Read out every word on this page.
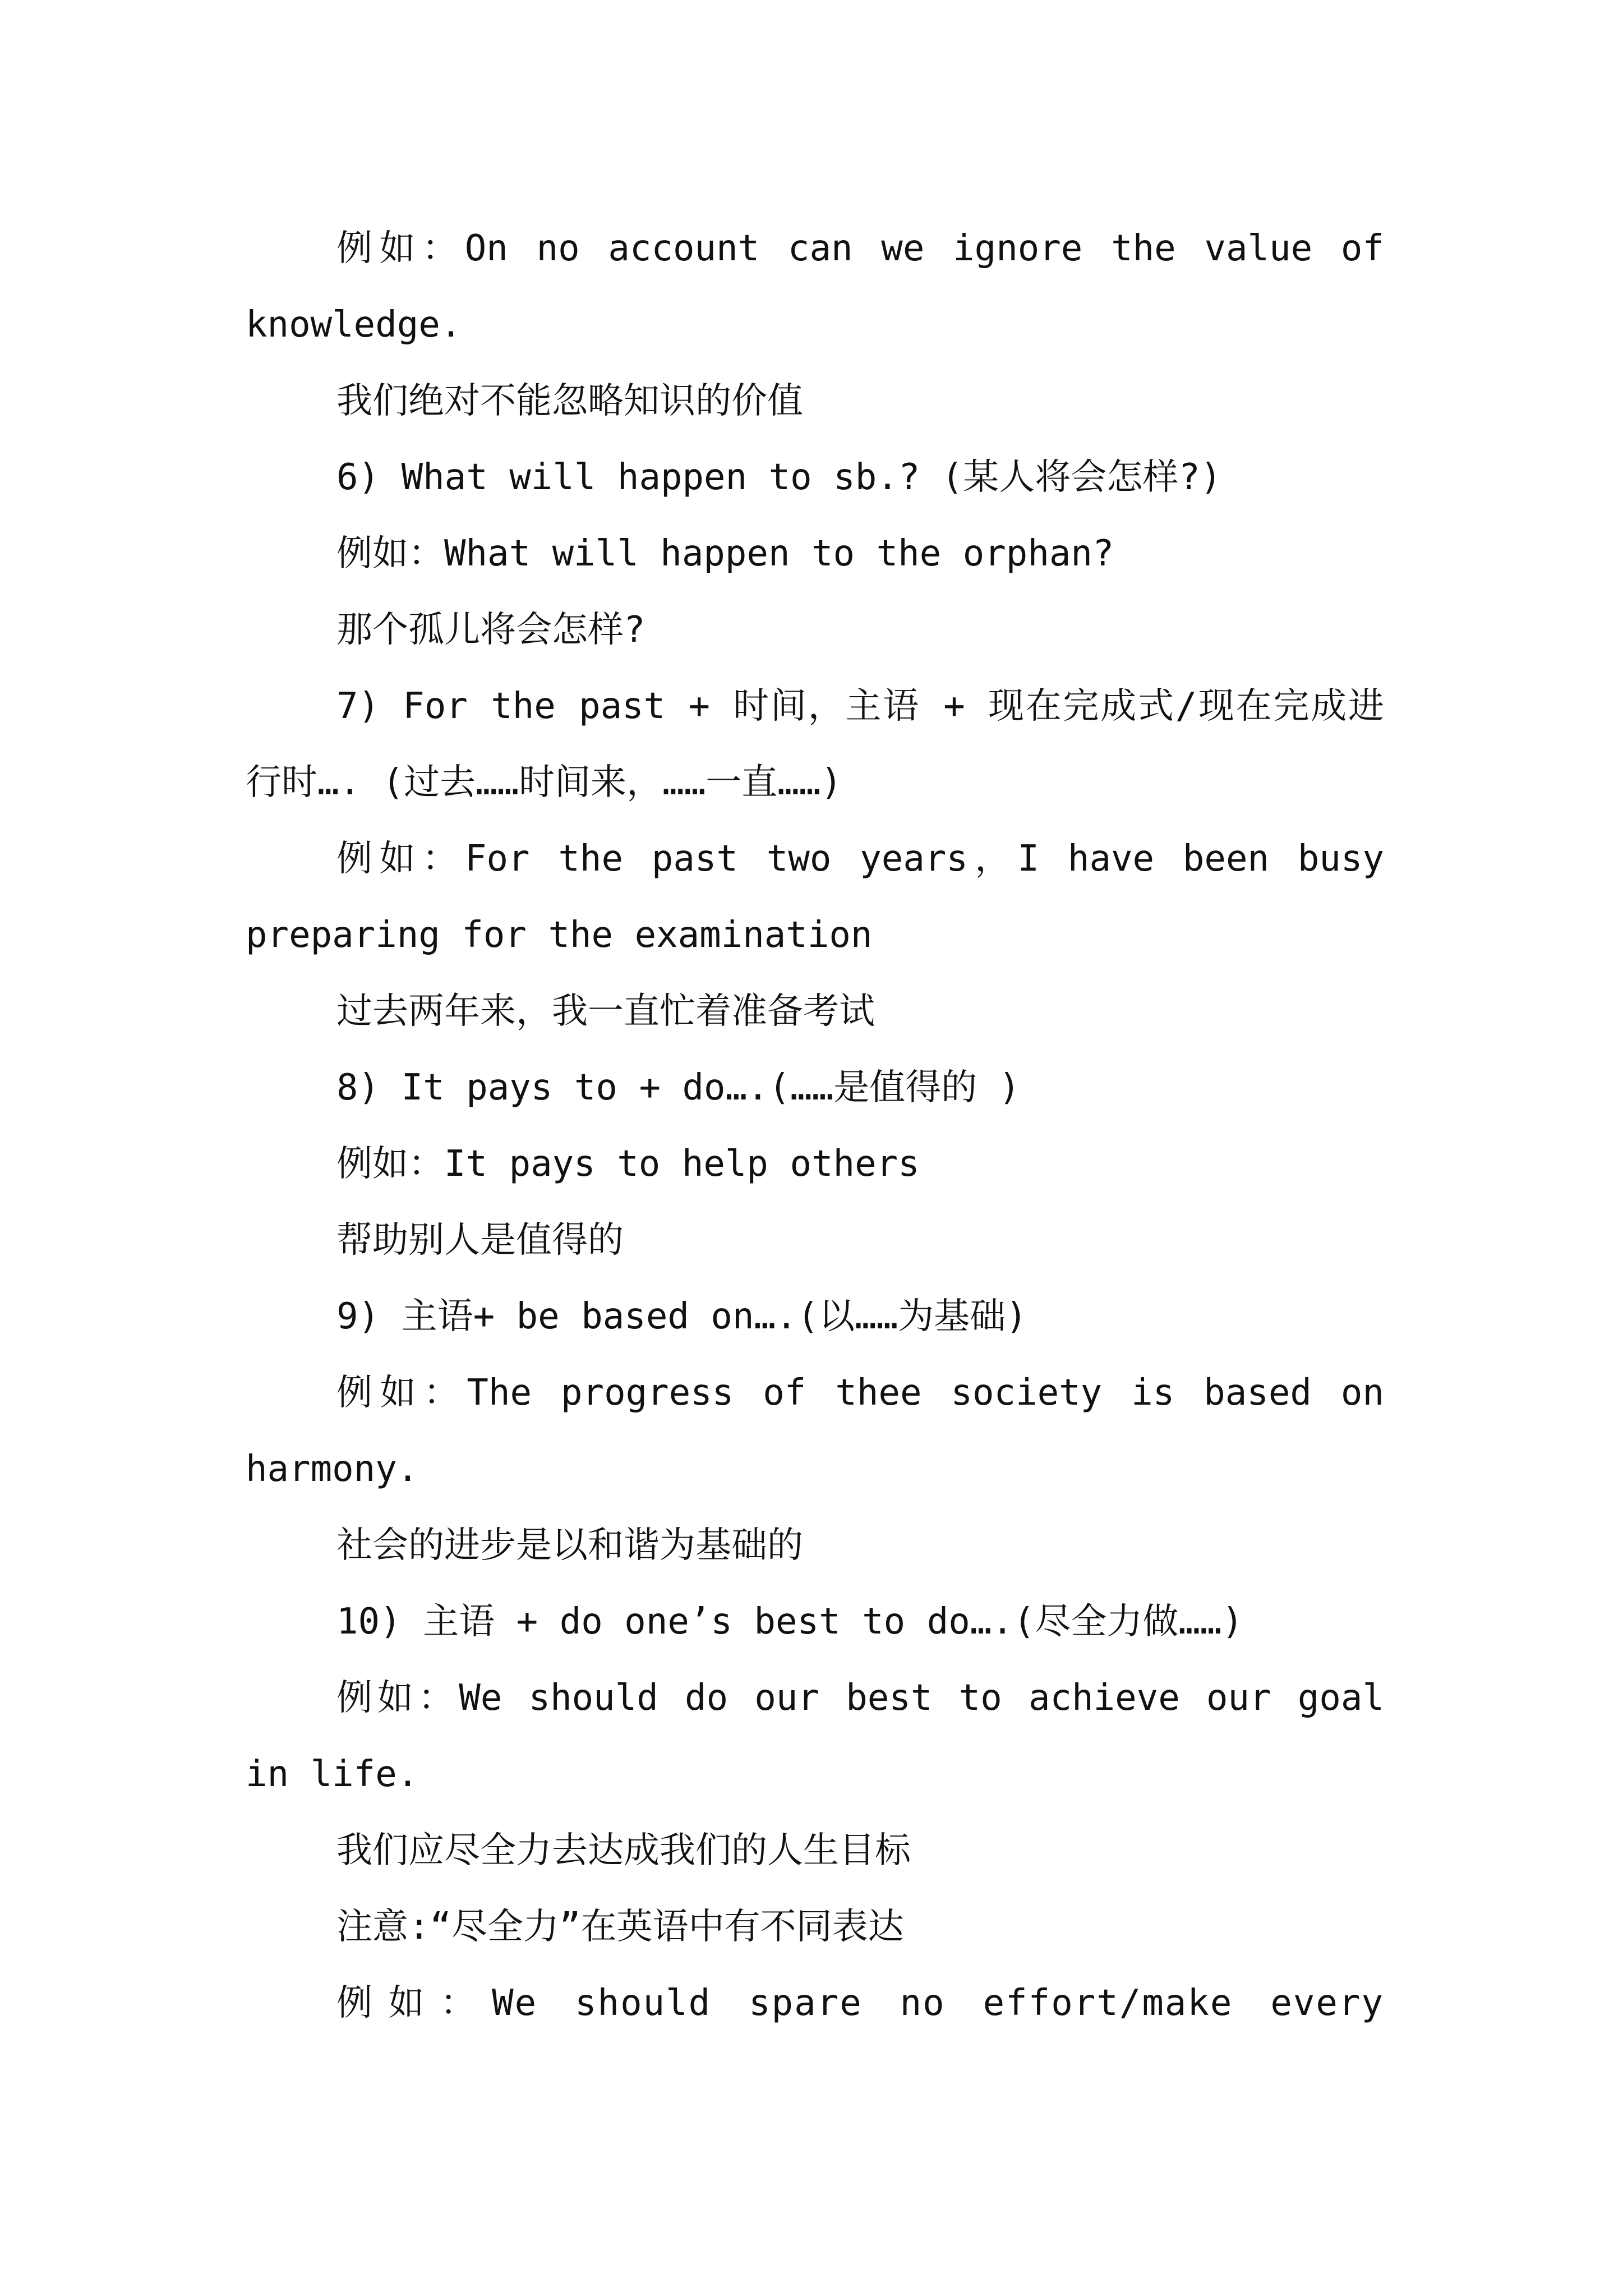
例如：On no account can we ignore the value of knowledge.

我们绝对不能忽略知识的价值

6) What will happen to sb.? (某人将会怎样?)

例如：What will happen to the orphan?

那个孤儿将会怎样?

7) For the past + 时间，主语 + 现在完成式/现在完成进行时…. (过去……时间来，……一直……)

例如：For the past two years，I have been busy preparing for the examination

过去两年来，我一直忙着准备考试

8) It pays to + do….(……是值得的 )

例如：It pays to help others

帮助别人是值得的

9) 主语+ be based on….(以……为基础)

例如：The progress of thee society is based on harmony.

社会的进步是以和谐为基础的

10) 主语 + do one’s best to do….(尽全力做……)

例如：We should do our best to achieve our goal in life.

我们应尽全力去达成我们的人生目标

注意:“尽全力”在英语中有不同表达

例如：We should spare no effort/make every
